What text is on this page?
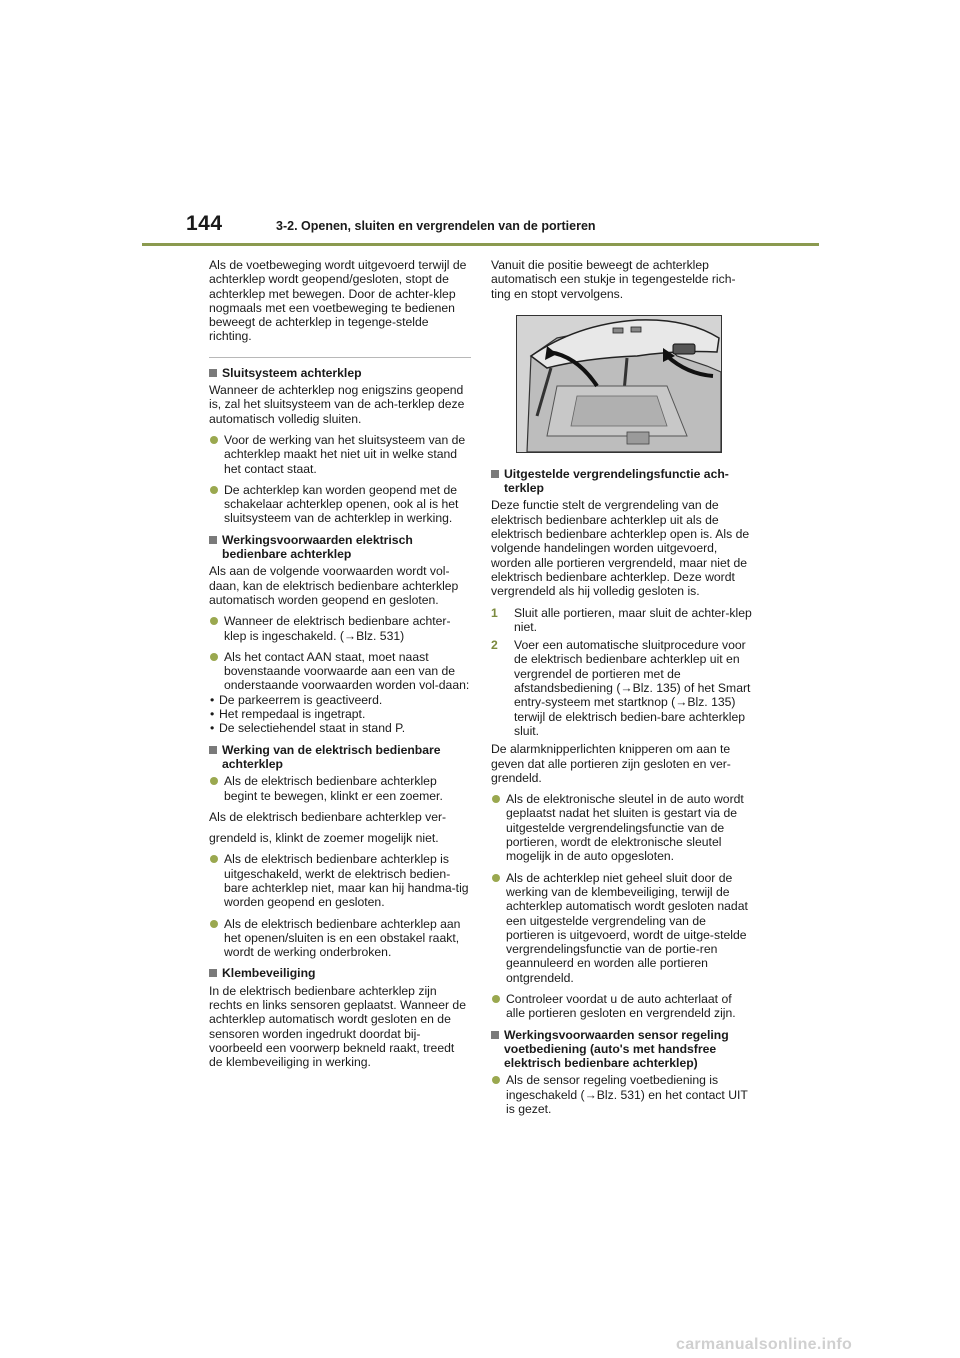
144	3-2. Openen, sluiten en vergrendelen van de portieren

Als de voetbeweging wordt uitgevoerd terwijl de achterklep wordt geopend/gesloten, stopt de achterklep met bewegen. Door de achter-klep nogmaals met een voetbeweging te bedienen beweegt de achterklep in tegenge-stelde richting.

Sluitsysteem achterklep

Wanneer de achterklep nog enigszins geopend is, zal het sluitsysteem van de ach-terklep deze automatisch volledig sluiten.

Voor de werking van het sluitsysteem van de achterklep maakt het niet uit in welke stand het contact staat.
De achterklep kan worden geopend met de schakelaar achterklep openen, ook al is het sluitsysteem van de achterklep in werking.
Werkingsvoorwaarden elektrisch bedienbare achterklep

Als aan de volgende voorwaarden wordt vol-daan, kan de elektrisch bedienbare achterklep automatisch worden geopend en gesloten.

Wanneer de elektrisch bedienbare achter-klep is ingeschakeld. (→Blz. 531)
Als het contact AAN staat, moet naast bovenstaande voorwaarde aan een van de onderstaande voorwaarden worden vol-daan:
• De parkeerrem is geactiveerd.
• Het rempedaal is ingetrapt.
• De selectiehendel staat in stand P.
Werking van de elektrisch bedienbare achterklep
Als de elektrisch bedienbare achterklep begint te bewegen, klinkt er een zoemer.

Als de elektrisch bedienbare achterklep ver-

grendeld is, klinkt de zoemer mogelijk niet.

Als de elektrisch bedienbare achterklep is uitgeschakeld, werkt de elektrisch bedien-bare achterklep niet, maar kan hij handma-tig worden geopend en gesloten.
Als de elektrisch bedienbare achterklep aan het openen/sluiten is en een obstakel raakt, wordt de werking onderbroken.
Klembeveiliging

In de elektrisch bedienbare achterklep zijn rechts en links sensoren geplaatst. Wanneer de achterklep automatisch wordt gesloten en de sensoren worden ingedrukt doordat bij-voorbeeld een voorwerp bekneld raakt, treedt de klembeveiliging in werking.

Vanuit die positie beweegt de achterklep automatisch een stukje in tegengestelde rich-ting en stopt vervolgens.

Uitgestelde vergrendelingsfunctie ach-terklep

Deze functie stelt de vergrendeling van de elektrisch bedienbare achterklep uit als de elektrisch bedienbare achterklep open is. Als de volgende handelingen worden uitgevoerd, worden alle portieren vergrendeld, maar niet de elektrisch bedienbare achterklep. Deze wordt vergrendeld als hij volledig gesloten is.

1 Sluit alle portieren, maar sluit de achter-klep niet.
2 Voer een automatische sluitprocedure voor de elektrisch bedienbare achterklep uit en vergrendel de portieren met de afstandsbediening (→Blz. 135) of het Smart entry-systeem met startknop (→Blz. 135) terwijl de elektrisch bedien-bare achterklep sluit.

De alarmknipperlichten knipperen om aan te geven dat alle portieren zijn gesloten en ver-grendeld.

Als de elektronische sleutel in de auto wordt geplaatst nadat het sluiten is gestart via de uitgestelde vergrendelingsfunctie van de portieren, wordt de elektronische sleutel mogelijk in de auto opgesloten.
Als de achterklep niet geheel sluit door de werking van de klembeveiliging, terwijl de achterklep automatisch wordt gesloten nadat een uitgestelde vergrendeling van de portieren is uitgevoerd, wordt de uitge-stelde vergrendelingsfunctie van de portie-ren geannuleerd en worden alle portieren ontgrendeld.
Controleer voordat u de auto achterlaat of alle portieren gesloten en vergrendeld zijn.
Werkingsvoorwaarden sensor regeling voetbediening (auto's met handsfree elektrisch bedienbare achterklep)
Als de sensor regeling voetbediening is ingeschakeld (→Blz. 531) en het contact UIT is gezet.
carmanualsonline.info
